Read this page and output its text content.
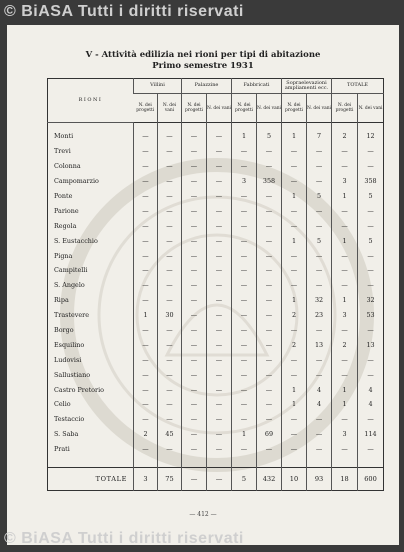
© BiASA Tutti i diritti riservati
V - Attività edilizia nei rioni per tipi di abitazione
Primo semestre 1931
RIONI	Villini		Palazzine		Fabbricati		Sopraelevazioni ampliamenti ecc.		TOTALE	
	N. dei progetti	N. dei vani	N. dei progetti	N. dei vani	N. dei progetti	N. dei vani	N. dei progetti	N. dei vani	N. dei progetti	N. dei vani
Monti	—	—	—	—	1	5	1	7	2	12
Trevi	—	—	—	—	—	—	—	—	—	—
Colonna	—	—	—	—	—	—	—	—	—	—
Campomarzio	—	—	—	—	3	358	—	—	3	358
Ponte	—	—	—	—	—	—	1	5	1	5
Parione	—	—	—	—	—	—	—	—	—	—
Regola	—	—	—	—	—	—	—	—	—	—
S. Eustacchio	—	—	—	—	—	—	1	5	1	5
Pigna	—	—	—	—	—	—	—	—	—	—
Campitelli	—	—	—	—	—	—	—	—	—	—
S. Angelo	—	—	—	—	—	—	—	—	—	—
Ripa	—	—	—	—	—	—	1	32	1	32
Trastevere	1	30	—	—	—	—	2	23	3	53
Borgo	—	—	—	—	—	—	—	—	—	—
Esquilino	—	—	—	—	—	—	2	13	2	13
Ludovisi	—	—	—	—	—	—	—	—	—	—
Sallustiano	—	—	—	—	—	—	—	—	—	—
Castro Pretorio	—	—	—	—	—	—	1	4	1	4
Celio	—	—	—	—	—	—	1	4	1	4
Testaccio	—	—	—	—	—	—	—	—	—	—
S. Saba	2	45	—	—	1	69	—	—	3	114
Prati	—	—	—	—	—	—	—	—	—	—

TOTALE	3	75	—	—	5	432	10	93	18	600
— 412 —
© BiASA Tutti i diritti riservati
